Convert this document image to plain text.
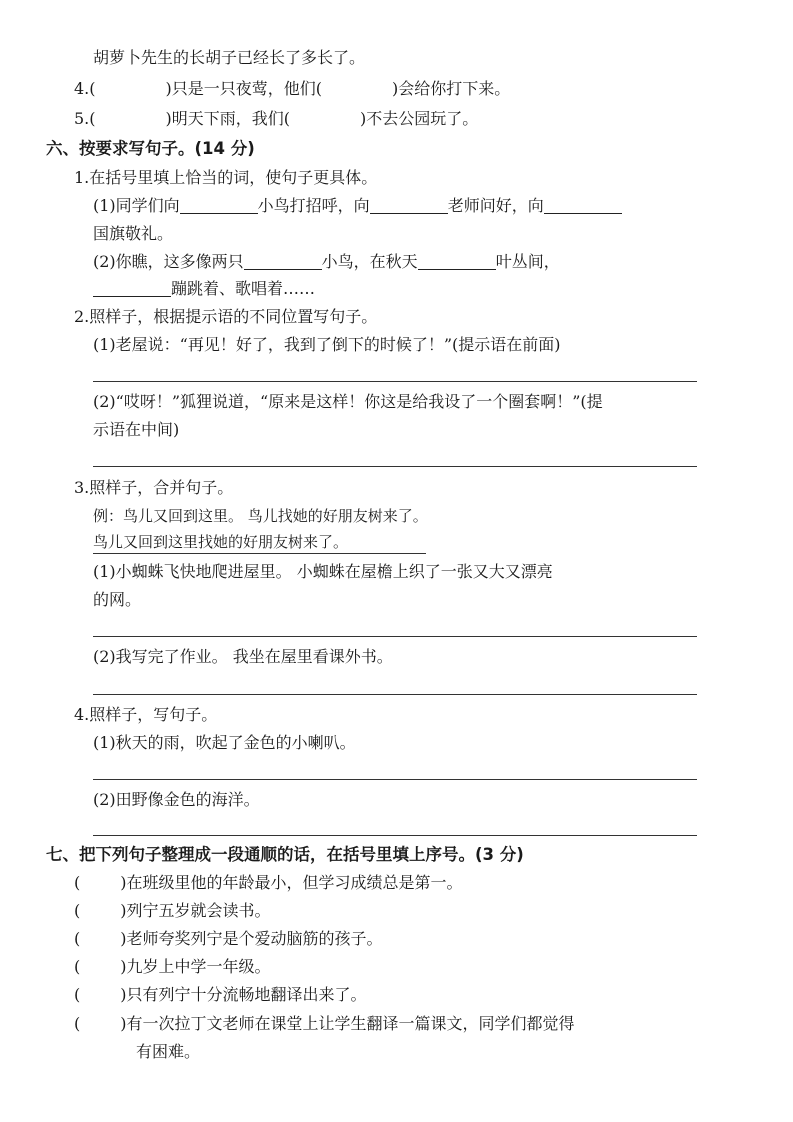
胡萝卜先生的长胡子已经长了多长了。
4.(	)只是一只夜莺，他们(	)会给你打下来。
5.(	)明天下雨，我们(	)不去公园玩了。
六、按要求写句子。(14 分)
1.在括号里填上恰当的词，使句子更具体。
(1)同学们向	小鸟打招呼，向	老师问好，向
国旗敬礼。
(2)你瞧，这多像两只	小鸟，在秋天	叶丛间，
蹦跳着、歌唱着……
2.照样子，根据提示语的不同位置写句子。
(1)老屋说：“再见！好了，我到了倒下的时候了！”(提示语在前面)
(2)“哎呀！”狐狸说道，“原来是这样！你这是给我设了一个圈套啊！”(提
示语在中间)
3.照样子，合并句子。
例：鸟儿又回到这里。 鸟儿找她的好朋友树来了。
鸟儿又回到这里找她的好朋友树来了。
(1)小蜘蛛飞快地爬进屋里。 小蜘蛛在屋檐上织了一张又大又漂亮
的网。
(2)我写完了作业。 我坐在屋里看课外书。
4.照样子，写句子。
(1)秋天的雨，吹起了金色的小喇叭。
(2)田野像金色的海洋。
七、把下列句子整理成一段通顺的话，在括号里填上序号。(3 分)
(	)在班级里他的年龄最小，但学习成绩总是第一。
(	)列宁五岁就会读书。
(	)老师夸奖列宁是个爱动脑筋的孩子。
(	)九岁上中学一年级。
(	)只有列宁十分流畅地翻译出来了。
(	)有一次拉丁文老师在课堂上让学生翻译一篇课文，同学们都觉得
有困难。
